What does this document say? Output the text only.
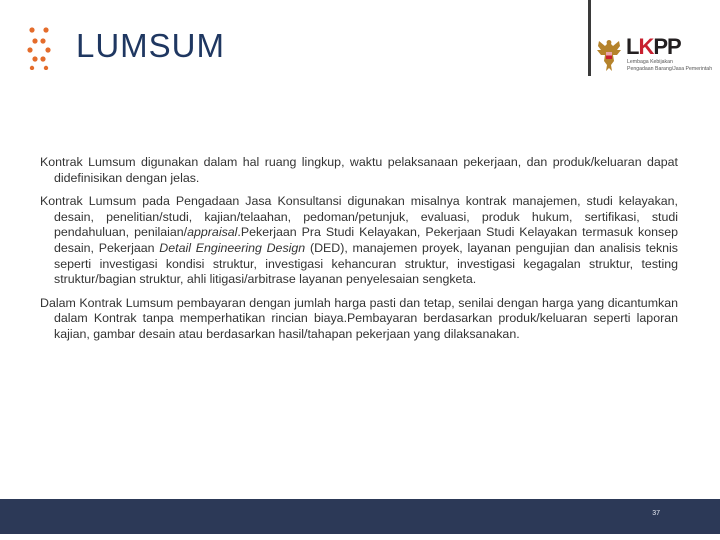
LUMSUM	LKPP
Lembaga Kebijakan
Pengadaan Barang/Jasa Pemerintah

Kontrak Lumsum digunakan dalam hal ruang lingkup, waktu pelaksanaan pekerjaan, dan produk/keluaran dapat didefinisikan dengan jelas.

Kontrak Lumsum pada Pengadaan Jasa Konsultansi digunakan misalnya kontrak manajemen, studi kelayakan, desain, penelitian/studi, kajian/telaahan, pedoman/petunjuk, evaluasi, produk hukum, sertifikasi, studi pendahuluan, penilaian/appraisal.Pekerjaan Pra Studi Kelayakan, Pekerjaan Studi Kelayakan termasuk konsep desain, Pekerjaan Detail Engineering Design (DED), manajemen proyek, layanan pengujian dan analisis teknis seperti investigasi kondisi struktur, investigasi kehancuran struktur, investigasi kegagalan struktur, testing struktur/bagian struktur, ahli litigasi/arbitrase layanan penyelesaian sengketa.

Dalam Kontrak Lumsum pembayaran dengan jumlah harga pasti dan tetap, senilai dengan harga yang dicantumkan dalam Kontrak tanpa memperhatikan rincian biaya.Pembayaran berdasarkan produk/keluaran seperti laporan kajian, gambar desain atau berdasarkan hasil/tahapan pekerjaan yang dilaksanakan.

37
